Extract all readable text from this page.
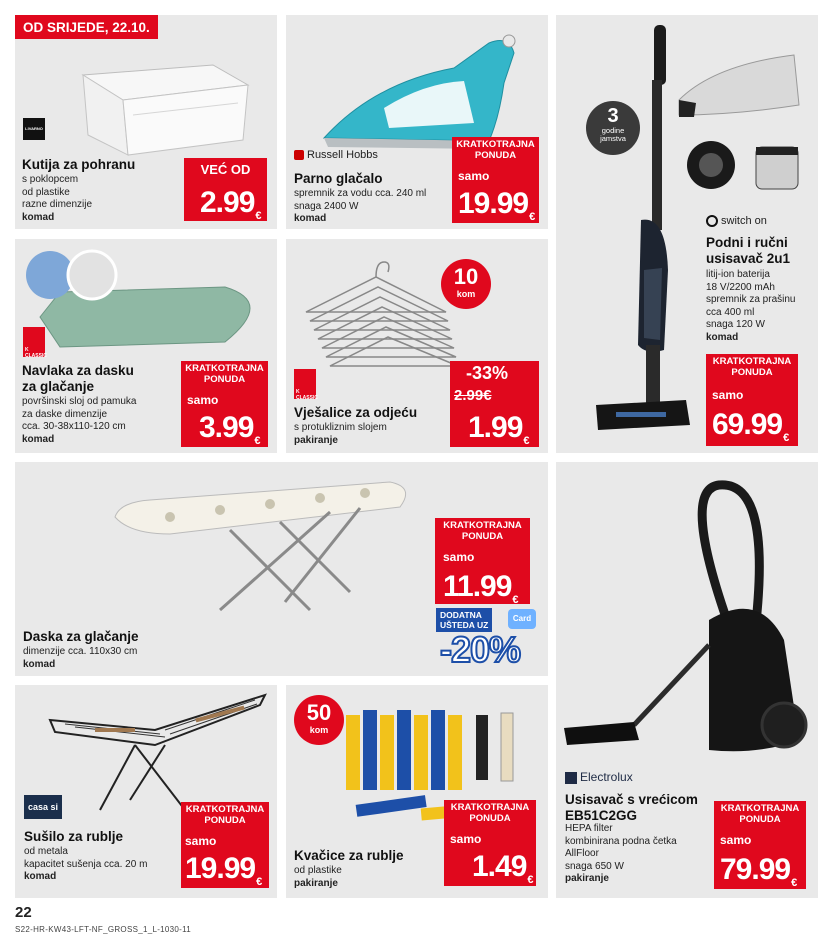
OD SRIJEDE, 22.10.
LIVARNO
Kutija za pohranu
s poklopcem
od plastike
razne dimenzije
komad
VEĆ OD
2.99€
Russell Hobbs
Parno glačalo
spremnik za vodu cca. 240 ml
snaga 2400 W
komad
KRATKOTRAJNA PONUDA
samo
19.99€
3
godine jamstva
switch on
Podni i ručni
usisavač 2u1
litij-ion baterija
18 V/2200 mAh
spremnik za prašinu
cca 400 ml
snaga 120 W
komad
KRATKOTRAJNA PONUDA
samo
69.99€
K CLASSIC
Navlaka za dasku
za glačanje
površinski sloj od pamuka
za daske dimenzije
cca. 30-38x110-120 cm
komad
KRATKOTRAJNA PONUDA
samo
3.99€
10
kom
K CLASSIC
Vješalice za odjeću
s protukliznim slojem
pakiranje
-33%
2.99€
1.99€
Daska za glačanje
dimenzije cca. 110x30 cm
komad
KRATKOTRAJNA PONUDA
samo
11.99€
DODATNA
UŠTEDA UZ
Card
-20%
Electrolux
Usisavač s vrećicom
EB51C2GG
HEPA filter
kombinirana podna četka
AllFloor
snaga 650 W
pakiranje
KRATKOTRAJNA PONUDA
samo
79.99€
casa si
Sušilo za rublje
od metala
kapacitet sušenja cca. 20 m
komad
KRATKOTRAJNA PONUDA
samo
19.99€
50
kom
Kvačice za rublje
od plastike
pakiranje
KRATKOTRAJNA PONUDA
samo
1.49€
22
S22-HR-KW43-LFT-NF_GROSS_1_L-1030-11
